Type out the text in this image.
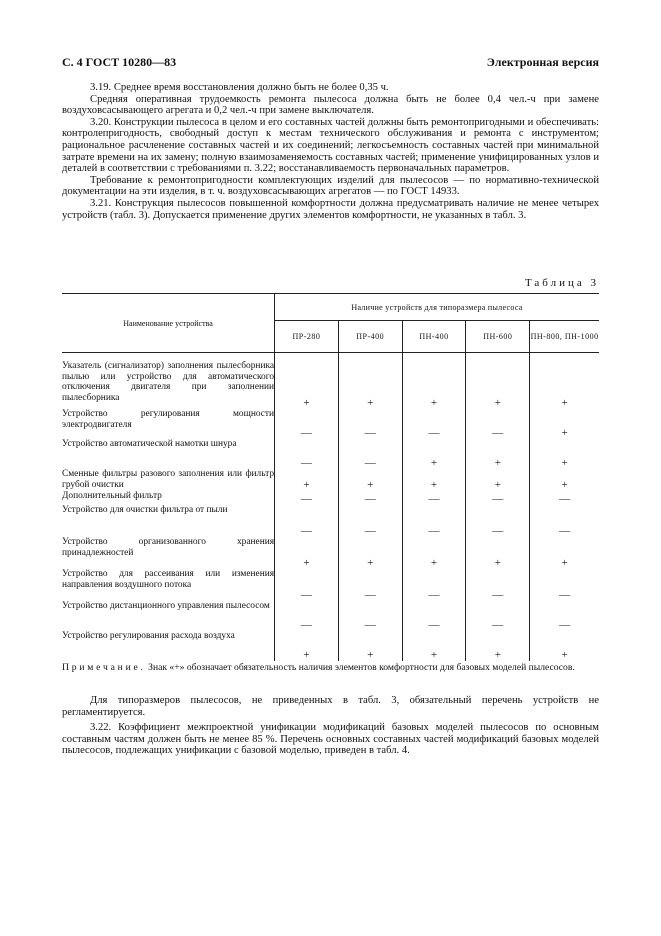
С. 4 ГОСТ 10280—83	Электронная версия

3.19. Среднее время восстановления должно быть не более 0,35 ч.

Средняя оперативная трудоемкость ремонта пылесоса должна быть не более 0,4 чел.-ч при замене воздуховсасывающего агрегата и 0,2 чел.-ч при замене выключателя.

3.20. Конструкции пылесоса в целом и его составных частей должны быть ремонтопригодными и обеспечивать: контролепригодность, свободный доступ к местам технического обслуживания и ремонта с инструментом; рациональное расчленение составных частей и их соединений; легкосъемность составных частей при минимальной затрате времени на их замену; полную взаимозаменяемость составных частей; применение унифицированных узлов и деталей в соответствии с требованиями п. 3.22; восстанавливаемость первоначальных параметров.

Требование к ремонтопригодности комплектующих изделий для пылесосов — по нормативно-технической документации на эти изделия, в т. ч. воздуховсасывающих агрегатов — по ГОСТ 14933.

3.21. Конструкция пылесосов повышенной комфортности должна предусматривать наличие не менее четырех устройств (табл. 3). Допускается применение других элементов комфортности, не указанных в табл. 3.

Таблица 3
Наименование устройства	Наличие устройств для типоразмера пылесоса				
	ПР-280	ПР-400	ПН-400	ПН-600	ПН-800, ПН-1000

Указатель (сигнализатор) заполнения пылесборника пылью или устройство для автоматического отключения двигателя при заполнении пылесборника	+	+	+	+	+
Устройство регулирования мощности электродвигателя	—	—	—	—	+
Устройство автоматической намотки шнура	—	—	+	+	+
Сменные фильтры разового заполнения или фильтр грубой очистки	+	+	+	+	+
Дополнительный фильтр	—	—	—	—	—
Устройство для очистки фильтра от пыли	—	—	—	—	—
Устройство организованного хранения принадлежностей	+	+	+	+	+
Устройство для рассеивания или изменения направления воздушного потока	—	—	—	—	—
Устройство дистанционного управления пылесосом	—	—	—	—	—
Устройство регулирования расхода воздуха	+	+	+	+	+
Примечание. Знак «+» обозначает обязательность наличия элементов комфортности для базовых моделей пылесосов.

Для типоразмеров пылесосов, не приведенных в табл. 3, обязательный перечень устройств не регламентируется.

3.22. Коэффициент межпроектной унификации модификаций базовых моделей пылесосов по основным составным частям должен быть не менее 85 %. Перечень основных составных частей модификаций базовых моделей пылесосов, подлежащих унификации с базовой моделью, приведен в табл. 4.
